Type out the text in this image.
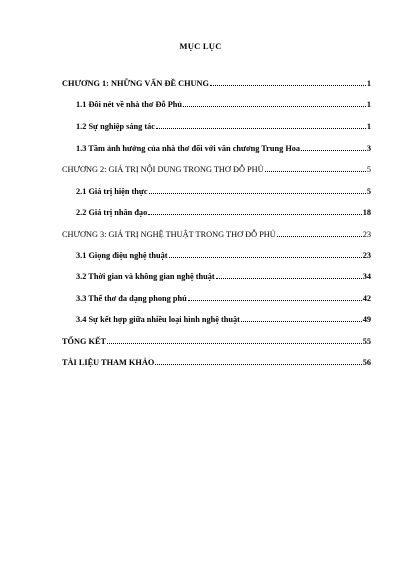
MỤC LỤC
CHƯƠNG 1: NHỮNG VẤN ĐỀ CHUNG	1
1.1 Đôi nét về nhà thơ Đỗ Phủ	1
1.2 Sự nghiệp sáng tác	1
1.3 Tầm ảnh hưởng của nhà thơ đối với văn chương Trung Hoa	3
CHƯƠNG 2: GIÁ TRỊ NỘI DUNG TRONG THƠ ĐỖ PHỦ	5
2.1 Giá trị hiện thực	5
2.2 Giá trị nhân đạo	18
CHƯƠNG 3: GIÁ TRỊ NGHỆ THUẬT TRONG THƠ ĐỖ PHỦ	23
3.1 Giọng điệu nghệ thuật	23
3.2 Thời gian và không gian nghệ thuật	34
3.3 Thể thơ đa dạng phong phú	42
3.4 Sự kết hợp giữa nhiều loại hình nghệ thuật	49
TỔNG KẾT	55
TÀI LIỆU THAM KHẢO	56
